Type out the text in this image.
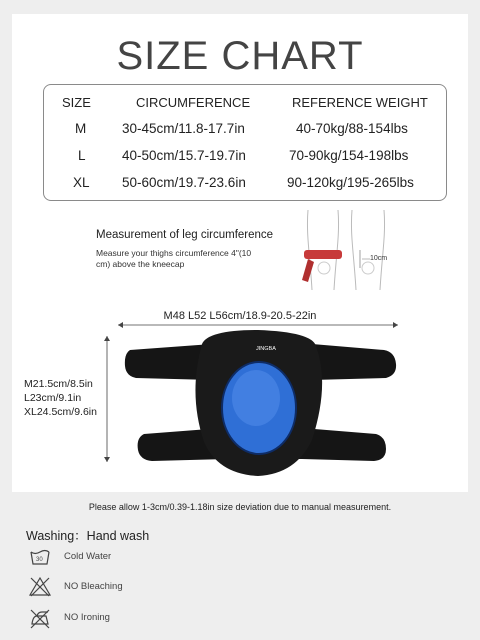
SIZE CHART
SIZE	CIRCUMFERENCE	REFERENCE WEIGHT
M	30-45cm/11.8-17.7in	40-70kg/88-154lbs
L	40-50cm/15.7-19.7in	70-90kg/154-198lbs
XL 50-60cm/19.7-23.6in	90-120kg/195-265lbs
Measurement of leg circumference
Measure your thighs circumference 4"(10 cm) above the kneecap
10cm
M48 L52 L56cm/18.9-20.5-22in
JINGBA
M21.5cm/8.5in
L23cm/9.1in
XL24.5cm/9.6in
Please allow 1-3cm/0.39-1.18in size deviation due to manual measurement.
Washing：Hand wash
30 Cold Water
NO Bleaching
NO Ironing
